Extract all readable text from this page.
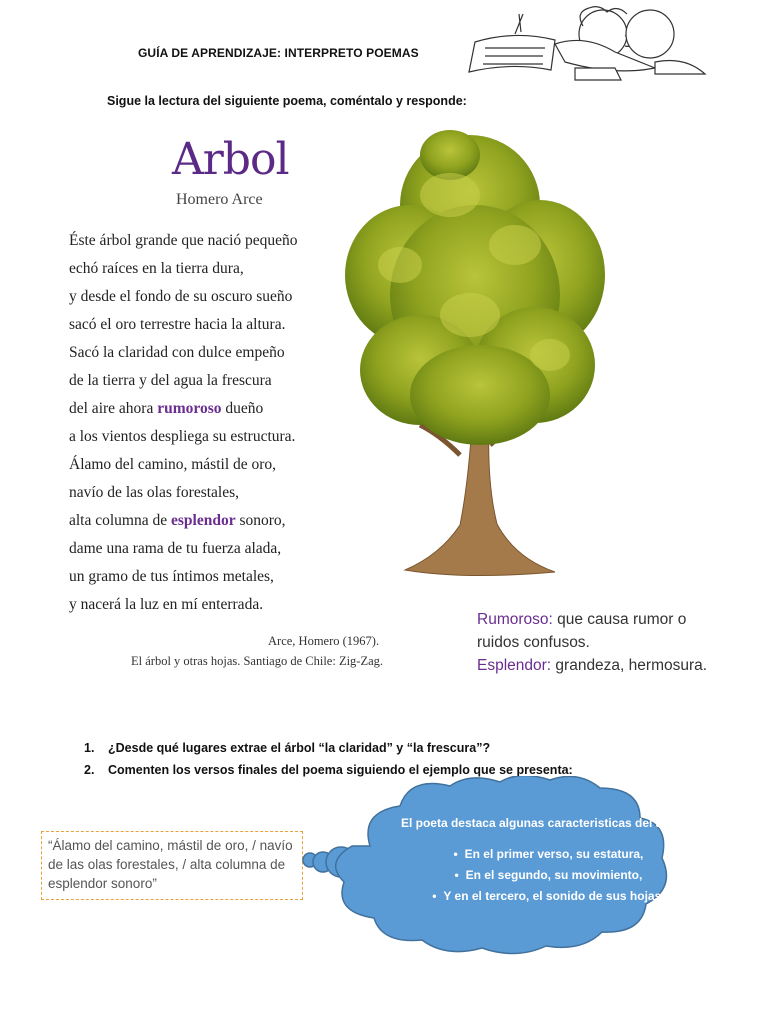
GUÍA DE APRENDIZAJE: INTERPRETO POEMAS
Sigue la lectura del siguiente poema, coméntalo y responde:
Arbol
Homero Arce
Éste árbol grande que nació pequeño
echó raíces en la tierra dura,
y desde el fondo de su oscuro sueño
sacó el oro terrestre hacia la altura.
Sacó la claridad con dulce empeño
de la tierra y del agua la frescura
del aire ahora rumoroso dueño
a los vientos despliega su estructura.
Álamo del camino, mástil de oro,
navío de las olas forestales,
alta columna de esplendor sonoro,
dame una rama de tu fuerza alada,
un gramo de tus íntimos metales,
y nacerá la luz en mí enterrada.
Arce, Homero (1967).
El árbol y otras hojas. Santiago de Chile: Zig-Zag.
Rumoroso: que causa rumor o
ruidos confusos.
Esplendor: grandeza, hermosura.
1. ¿Desde qué lugares extrae el árbol “la claridad” y “la frescura”?
2. Comenten los versos finales del poema siguiendo el ejemplo que se presenta:
“Álamo del camino, mástil de oro, / navío de las olas forestales, / alta columna de esplendor sonoro”
El poeta destaca algunas caracteristicas del árbol:
• En el primer verso, su estatura,
• En el segundo, su movimiento,
• Y en el tercero, el sonido de sus hojas.
